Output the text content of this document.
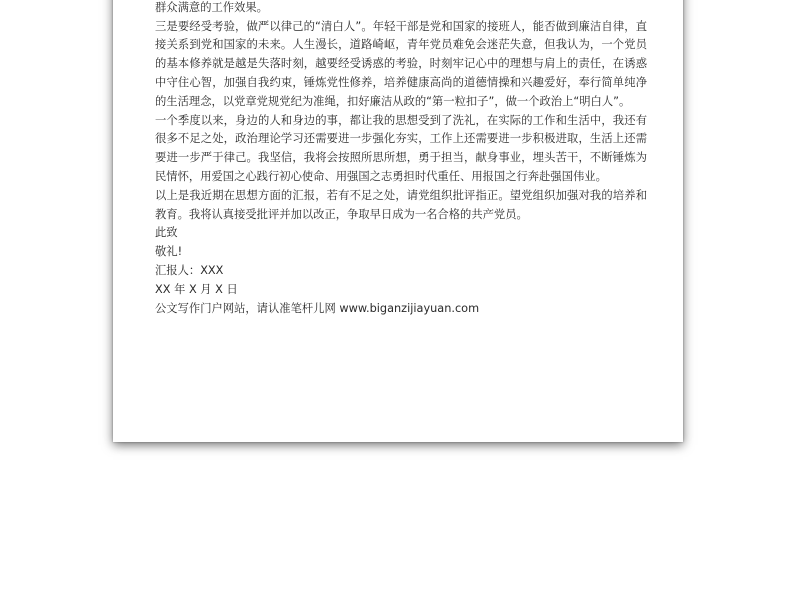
群众满意的工作效果。

三是要经受考验，做严以律己的“清白人”。年轻干部是党和国家的接班人，能否做到廉洁自律，直接关系到党和国家的未来。人生漫长，道路崎岖，青年党员难免会迷茫失意，但我认为，一个党员的基本修养就是越是失落时刻，越要经受诱惑的考验，时刻牢记心中的理想与肩上的责任，在诱惑中守住心智，加强自我约束，锤炼党性修养，培养健康高尚的道德情操和兴趣爱好，奉行简单纯净的生活理念，以党章党规党纪为准绳，扣好廉洁从政的“第一粒扣子”，做一个政治上“明白人”。

一个季度以来，身边的人和身边的事，都让我的思想受到了洗礼，在实际的工作和生活中，我还有很多不足之处，政治理论学习还需要进一步强化夯实，工作上还需要进一步积极进取，生活上还需要进一步严于律己。我坚信，我将会按照所思所想，勇于担当，献身事业，埋头苦干，不断锤炼为民情怀，用爱国之心践行初心使命、用强国之志勇担时代重任、用报国之行奔赴强国伟业。

以上是我近期在思想方面的汇报，若有不足之处，请党组织批评指正。望党组织加强对我的培养和教育。我将认真接受批评并加以改正，争取早日成为一名合格的共产党员。

此致

敬礼!

汇报人：XXX

XX 年 X 月 X 日

公文写作门户网站，请认准笔杆儿网 www.biganzijiayuan.com
